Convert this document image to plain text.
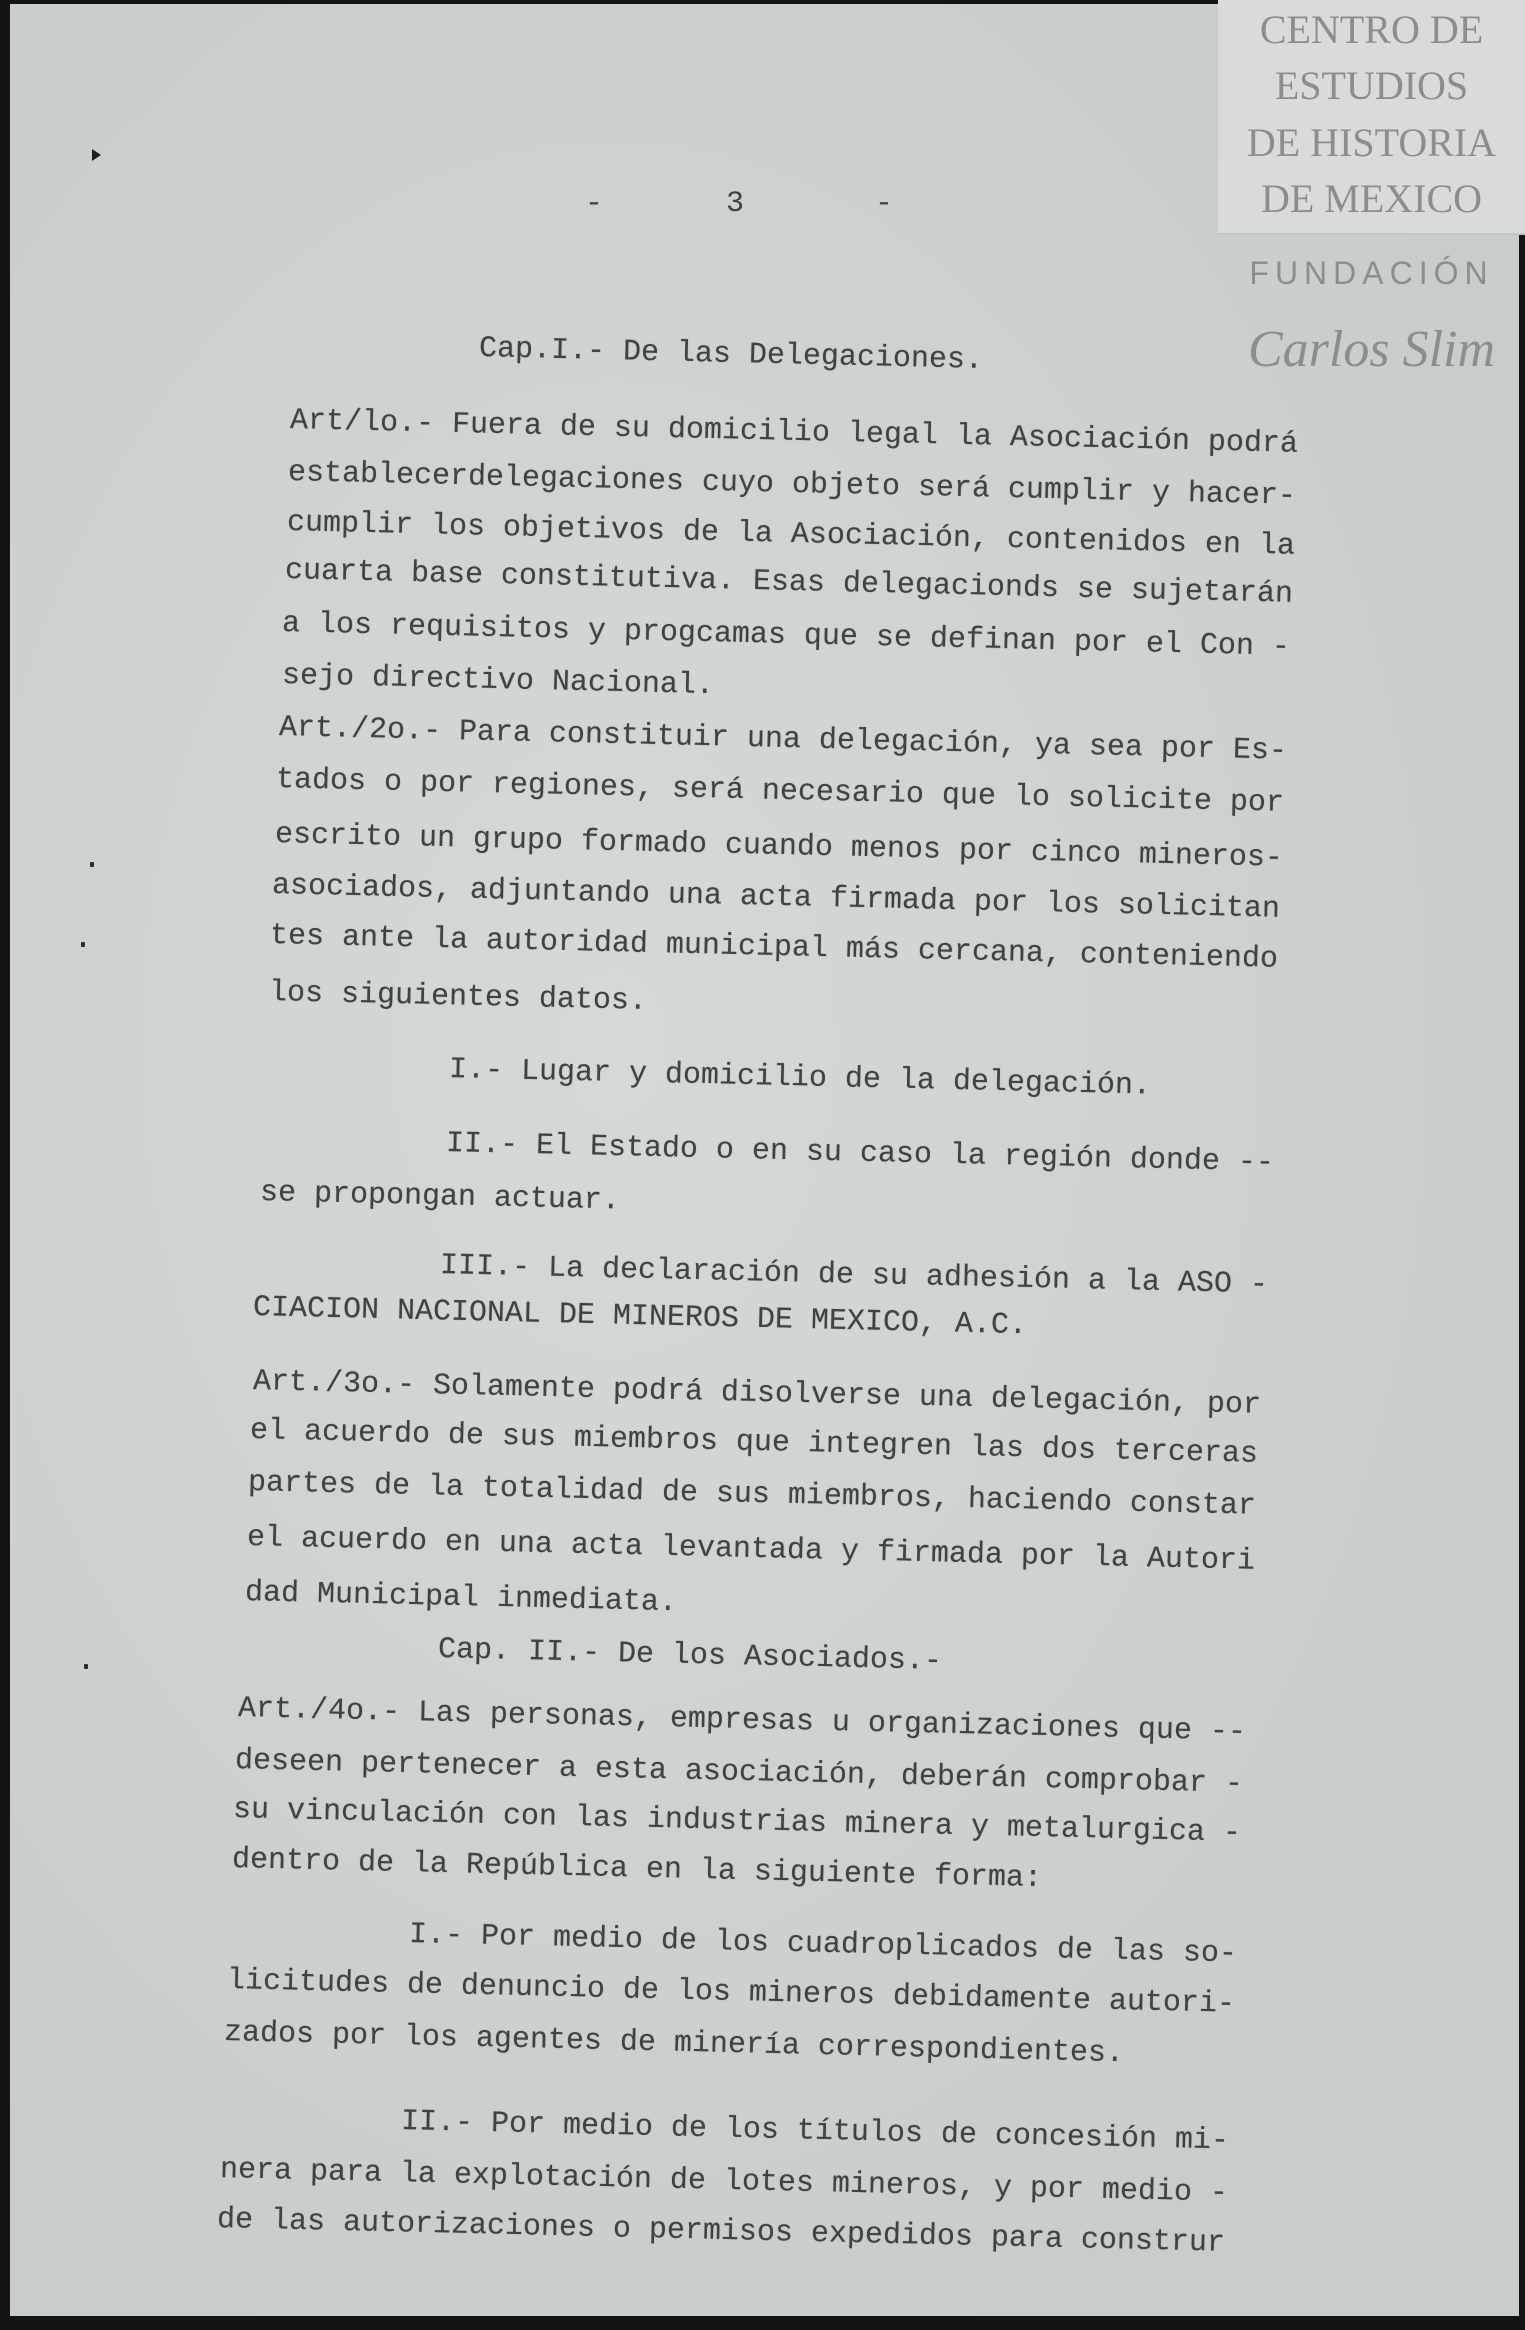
CENTRO DE
ESTUDIOS
DE HISTORIA
DE MEXICO
FUNDACIÓN
Carlos Slim
-	3	-
Cap.I.- De las Delegaciones.
Art/lo.- Fuera de su domicilio legal la Asociación podrá
establecerdelegaciones cuyo objeto será cumplir y hacer-
cumplir los objetivos de la Asociación, contenidos en la
cuarta base constitutiva. Esas delegacionds se sujetarán
a los requisitos y progcamas que se definan por el Con -
sejo directivo Nacional.
Art./2o.- Para constituir una delegación, ya sea por Es-
tados o por regiones, será necesario que lo solicite por
escrito un grupo formado cuando menos por cinco mineros-
asociados, adjuntando una acta firmada por los solicitan
tes ante la autoridad municipal más cercana, conteniendo
los siguientes datos.
I.- Lugar y domicilio de la delegación.
II.- El Estado o en su caso la región donde --
se propongan actuar.
III.- La declaración de su adhesión a la ASO -
CIACION NACIONAL DE MINEROS DE MEXICO, A.C.
Art./3o.- Solamente podrá disolverse una delegación, por
el acuerdo de sus miembros que integren las dos terceras
partes de la totalidad de sus miembros, haciendo constar
el acuerdo en una acta levantada y firmada por la Autori
dad Municipal inmediata.
Cap. II.- De los Asociados.-
Art./4o.- Las personas, empresas u organizaciones que --
deseen pertenecer a esta asociación, deberán comprobar -
su vinculación con las industrias minera y metalurgica -
dentro de la República en la siguiente forma:
I.- Por medio de los cuadroplicados de las so-
licitudes de denuncio de los mineros debidamente autori-
zados por los agentes de minería correspondientes.
II.- Por medio de los títulos de concesión mi-
nera para la explotación de lotes mineros, y por medio -
de las autorizaciones o permisos expedidos para construr
